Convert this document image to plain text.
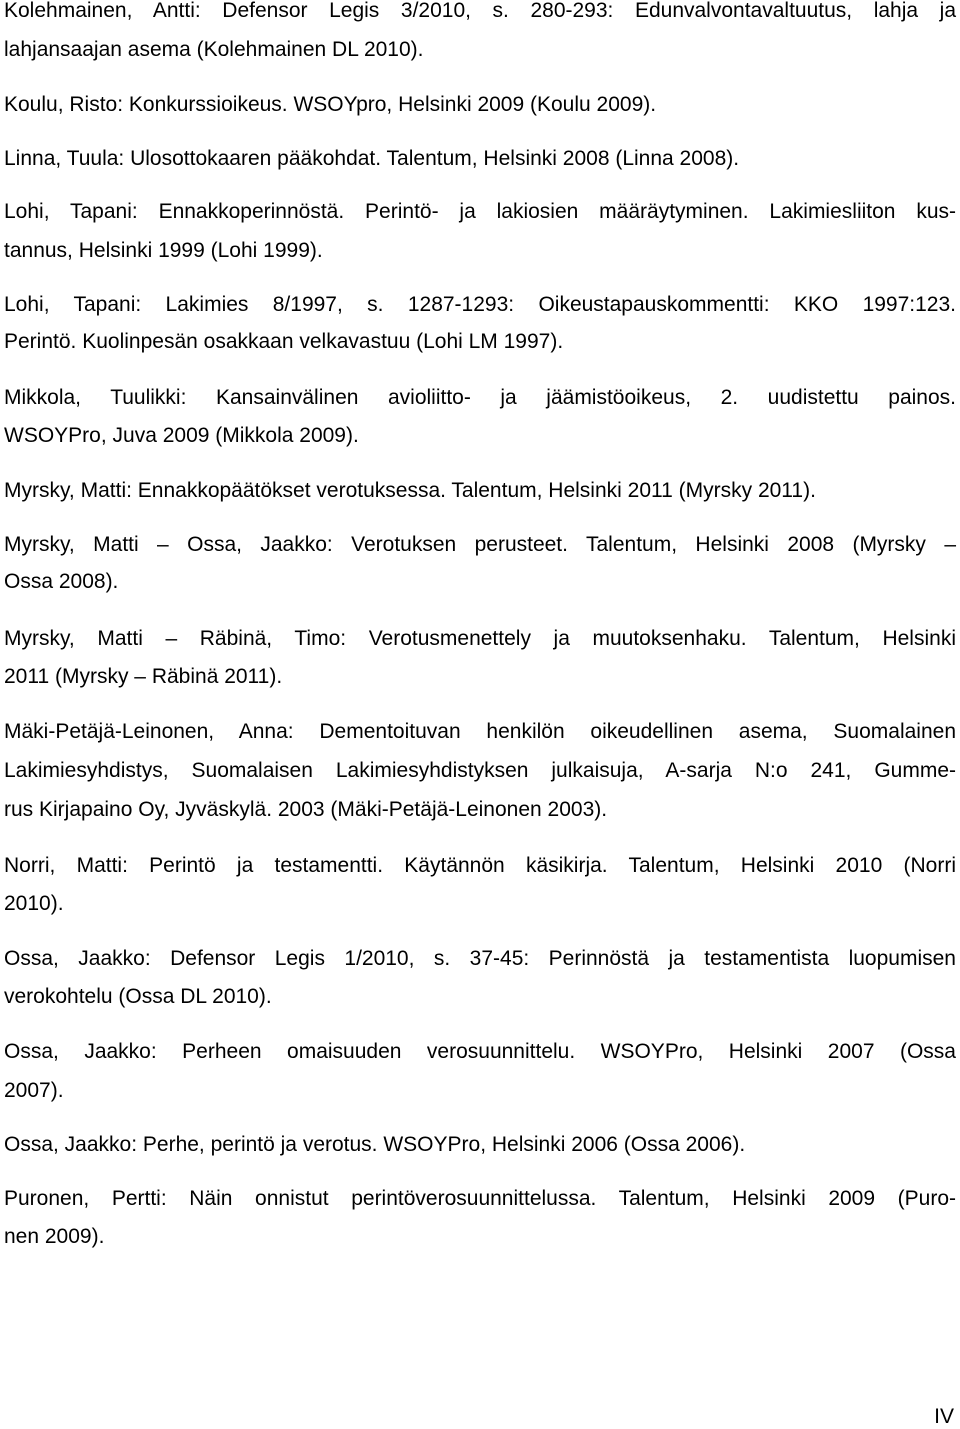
Kolehmainen, Antti: Defensor Legis 3/2010, s. 280-293: Edunvalvontavaltuutus, lahja ja
lahjansaajan asema (Kolehmainen DL 2010).
Koulu, Risto: Konkurssioikeus. WSOYpro, Helsinki 2009 (Koulu 2009).
Linna, Tuula: Ulosottokaaren pääkohdat. Talentum, Helsinki 2008 (Linna 2008).
Lohi, Tapani: Ennakkoperinnöstä. Perintö- ja lakiosien määräytyminen. Lakimiesliiton kus-
tannus, Helsinki 1999 (Lohi 1999).
Lohi, Tapani: Lakimies 8/1997, s. 1287-1293: Oikeustapauskommentti: KKO 1997:123.
Perintö. Kuolinpesän osakkaan velkavastuu (Lohi LM 1997).
Mikkola, Tuulikki: Kansainvälinen avioliitto- ja jäämistöoikeus, 2. uudistettu painos.
WSOYPro, Juva 2009 (Mikkola 2009).
Myrsky, Matti: Ennakkopäätökset verotuksessa. Talentum, Helsinki 2011 (Myrsky 2011).
Myrsky, Matti – Ossa, Jaakko: Verotuksen perusteet. Talentum, Helsinki 2008 (Myrsky –
Ossa 2008).
Myrsky, Matti – Räbinä, Timo: Verotusmenettely ja muutoksenhaku. Talentum, Helsinki
2011 (Myrsky – Räbinä 2011).
Mäki-Petäjä-Leinonen, Anna: Dementoituvan henkilön oikeudellinen asema, Suomalainen
Lakimiesyhdistys, Suomalaisen Lakimiesyhdistyksen julkaisuja, A-sarja N:o 241, Gumme-
rus Kirjapaino Oy, Jyväskylä. 2003 (Mäki-Petäjä-Leinonen 2003).
Norri, Matti: Perintö ja testamentti. Käytännön käsikirja. Talentum, Helsinki 2010 (Norri
2010).
Ossa, Jaakko: Defensor Legis 1/2010, s. 37-45: Perinnöstä ja testamentista luopumisen
verokohtelu (Ossa DL 2010).
Ossa, Jaakko: Perheen omaisuuden verosuunnittelu. WSOYPro, Helsinki 2007 (Ossa
2007).
Ossa, Jaakko: Perhe, perintö ja verotus. WSOYPro, Helsinki 2006 (Ossa 2006).
Puronen, Pertti: Näin onnistut perintöverosuunnittelussa. Talentum, Helsinki 2009 (Puro-
nen 2009).
IV
